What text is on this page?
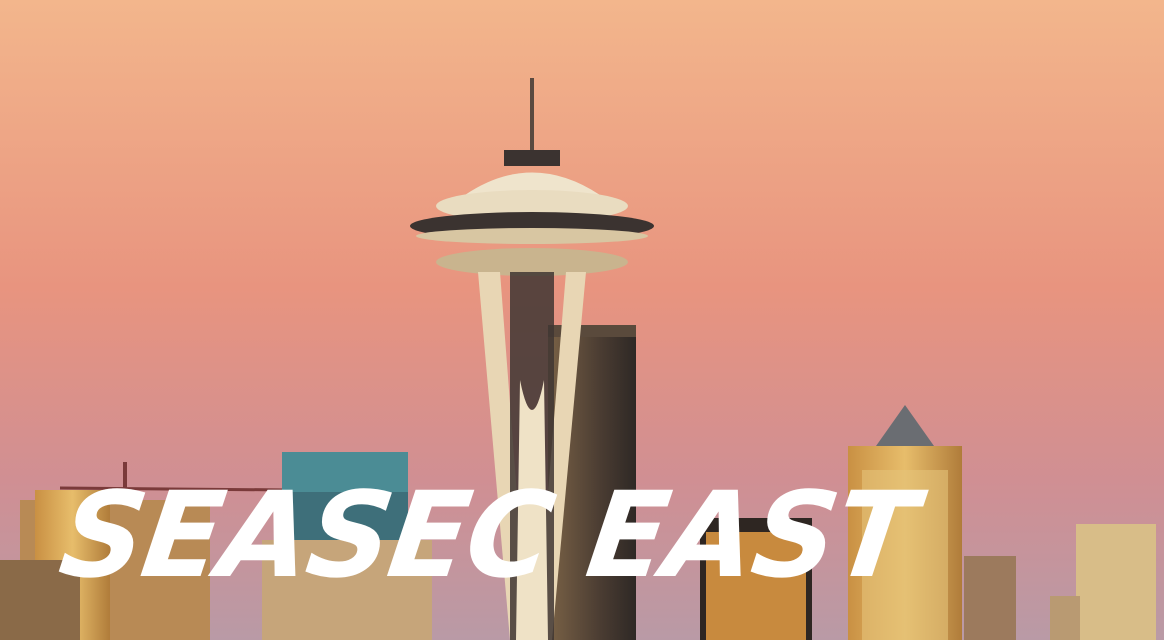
SEASEC EAST
